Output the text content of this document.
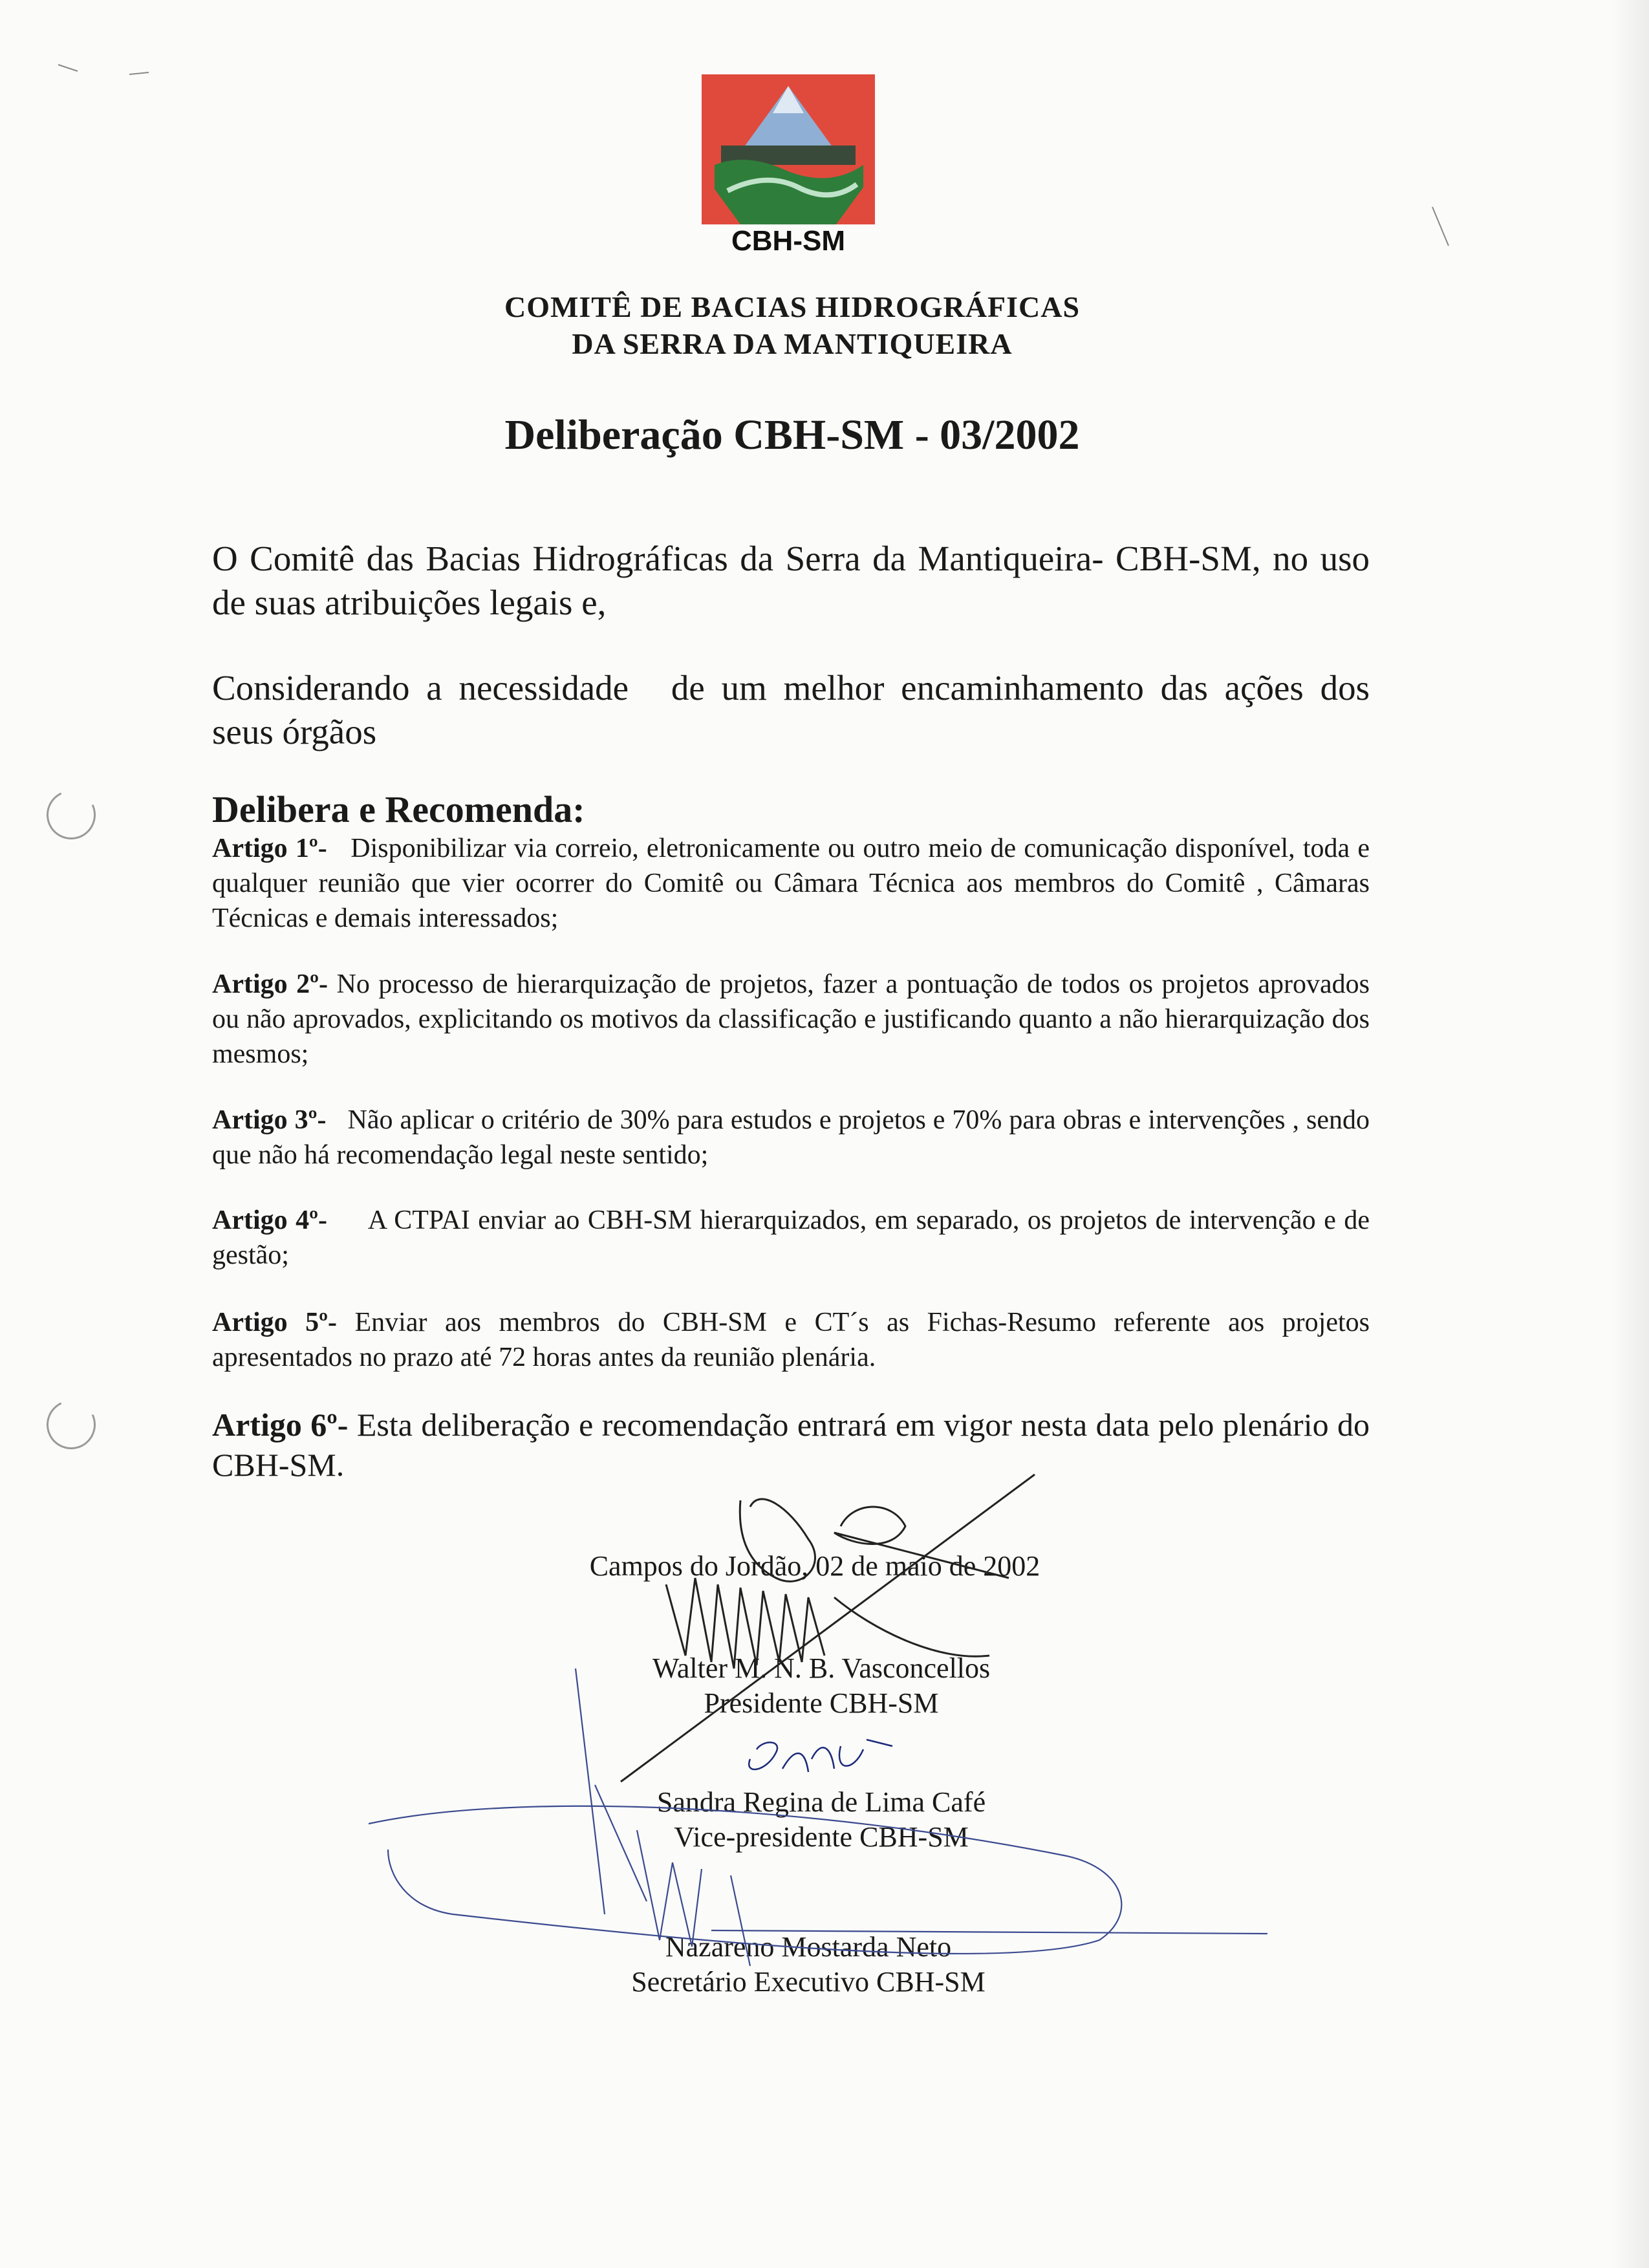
CBH-SM
COMITÊ DE BACIAS HIDROGRÁFICAS
DA SERRA DA MANTIQUEIRA
Deliberação CBH-SM - 03/2002
O Comitê das Bacias Hidrográficas da Serra da Mantiqueira- CBH-SM, no uso de suas atribuições legais e,
Considerando a necessidade de um melhor encaminhamento das ações dos seus órgãos
Delibera e Recomenda:
Artigo 1º- Disponibilizar via correio, eletronicamente ou outro meio de comunicação disponível, toda e qualquer reunião que vier ocorrer do Comitê ou Câmara Técnica aos membros do Comitê , Câmaras Técnicas e demais interessados;
Artigo 2º- No processo de hierarquização de projetos, fazer a pontuação de todos os projetos aprovados ou não aprovados, explicitando os motivos da classificação e justificando quanto a não hierarquização dos mesmos;
Artigo 3º- Não aplicar o critério de 30% para estudos e projetos e 70% para obras e intervenções , sendo que não há recomendação legal neste sentido;
Artigo 4º- A CTPAI enviar ao CBH-SM hierarquizados, em separado, os projetos de intervenção e de gestão;
Artigo 5º- Enviar aos membros do CBH-SM e CT´s as Fichas-Resumo referente aos projetos apresentados no prazo até 72 horas antes da reunião plenária.
Artigo 6º- Esta deliberação e recomendação entrará em vigor nesta data pelo plenário do CBH-SM.
Campos do Jordão, 02 de maio de 2002
Walter M. N. B. Vasconcellos
Presidente CBH-SM
Sandra Regina de Lima Café
Vice-presidente CBH-SM
Nazareno Mostarda Neto
Secretário Executivo CBH-SM
